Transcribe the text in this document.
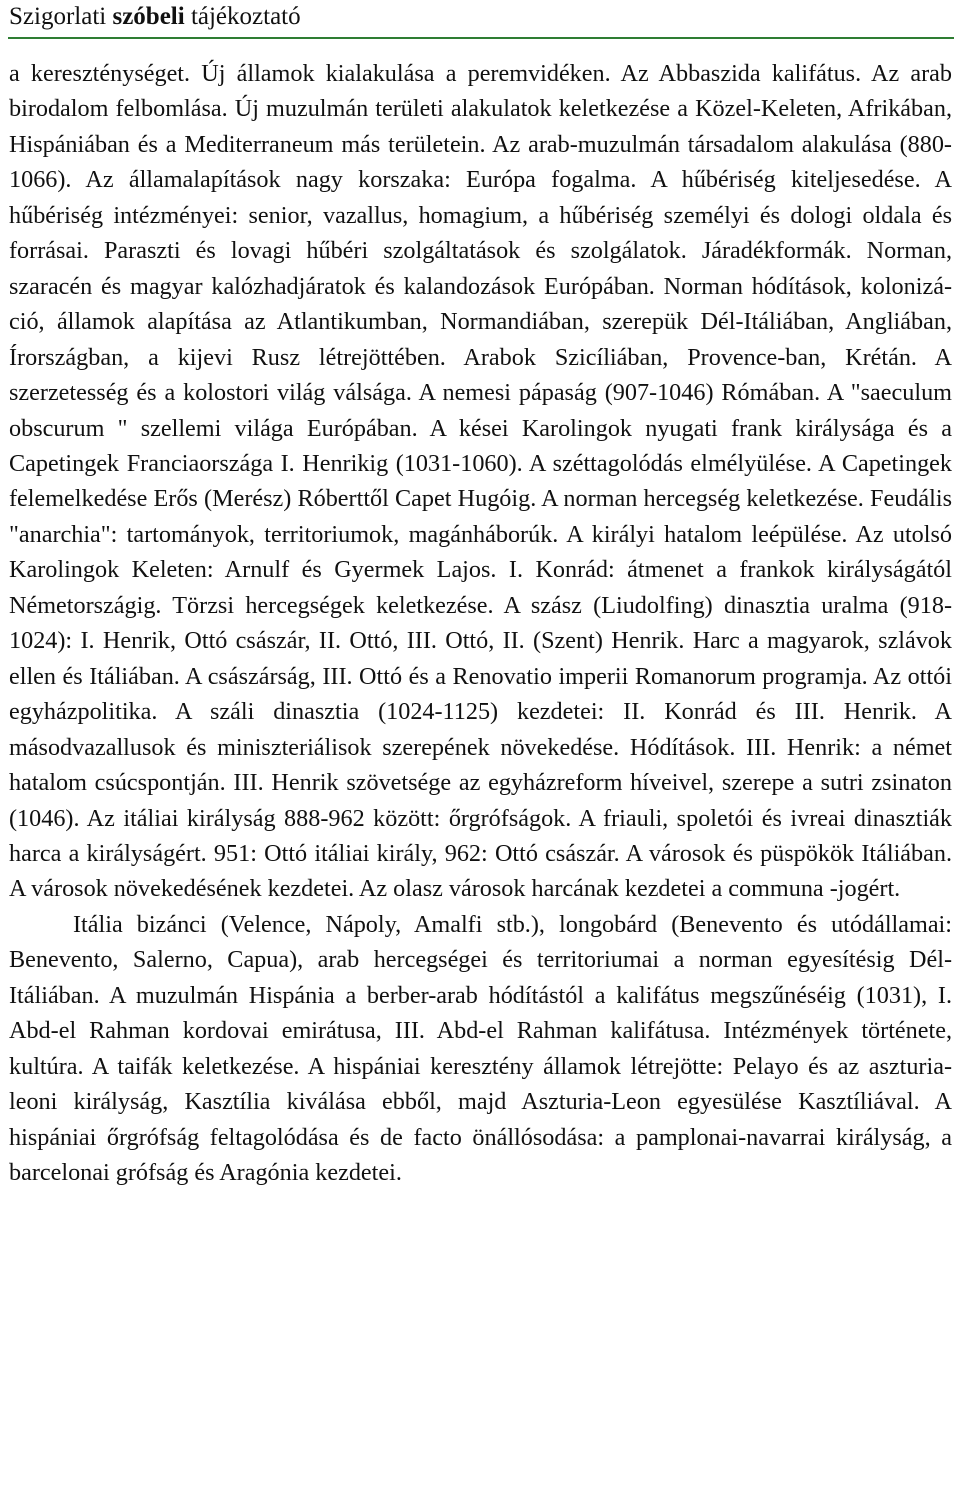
Szigorlati szóbeli tájékoztató

a kereszténységet. Új államok kialakulása a peremvidéken. Az Abbaszida kalifátus. Az arab birodalom felbomlása. Új muzulmán területi alakulatok keletkezése a Közel-Keleten, Afrikában, Hispániában és a Mediterraneum más területein. Az arab-muzulmán társadalom alakulása (880-1066). Az államalapítások nagy korszaka: Európa fogalma. A hűbériség kiteljesedése. A hűbériség intézményei: senior, vazallus, homagium, a hűbériség személyi és dologi oldala és forrásai. Paraszti és lovagi hűbéri szolgáltatások és szolgálatok. Járadékformák. Norman, szaracén és magyar kalózhadjáratok és kalandozások Európában. Norman hódítások, kolonizáció, államok alapítása az Atlantikumban, Normandiában, szerepük Dél-Itáliában, Angliában, Írországban, a kijevi Rusz létrejöttében. Arabok Szicíliában, Provence-ban, Krétán. A szerzetesség és a kolostori világ válsága. A nemesi pápaság (907-1046) Rómában. A "saeculum obscurum " szellemi világa Európában. A kései Karolingok nyugati frank királysága és a Capetingek Franciaországa I. Henrikig (1031-1060). A széttagolódás elmélyülése. A Capetingek felemelkedése Erős (Merész) Róberttől Capet Hugóig. A norman hercegség keletkezése. Feudális "anarchia": tartományok, territoriumok, magánháborúk. A királyi hatalom leépülése. Az utolsó Karolingok Keleten: Arnulf és Gyermek Lajos. I. Konrád: átmenet a frankok királyságától Németországig. Törzsi hercegségek keletkezése. A szász (Liudolfing) dinasztia uralma (918-1024): I. Henrik, Ottó császár, II. Ottó, III. Ottó, II. (Szent) Henrik. Harc a magyarok, szlávok ellen és Itáliában. A császárság, III. Ottó és a Renovatio imperii Romanorum programja. Az ottói egyházpolitika. A száli dinasztia (1024-1125) kezdetei: II. Konrád és III. Henrik. A másodvazallusok és miniszteriálisok szerepének növekedése. Hódítások. III. Henrik: a német hatalom csúcspontján. III. Henrik szövetsége az egyházreform híveivel, szerepe a sutri zsinaton (1046). Az itáliai királyság 888-962 között: őrgrófságok. A friauli, spoletói és ivreai dinasztiák harca a királyságért. 951: Ottó itáliai király, 962: Ottó császár. A városok és püspökök Itáliában. A városok növekedésének kezdetei. Az olasz városok harcának kezdetei a communa -jogért.

Itália bizánci (Velence, Nápoly, Amalfi stb.), longobárd (Benevento és utódállamai: Benevento, Salerno, Capua), arab hercegségei és territoriumai a norman egyesítésig Dél-Itáliában. A muzulmán Hispánia a berber-arab hódítástól a kalifátus megszűnéséig (1031), I. Abd-el Rahman kordovai emirátusa, III. Abd-el Rahman kalifátusa. Intézmények története, kultúra. A taifák keletkezése. A hispániai keresztény államok létrejötte: Pelayo és az aszturia-leoni királyság, Kasztília kiválása ebből, majd Aszturia-Leon egyesülése Kasztíliával. A hispániai őrgrófság feltagolódása és de facto önállósodása: a pamplonai-navarrai királyság, a barcelonai grófság és Aragónia kezdetei.
